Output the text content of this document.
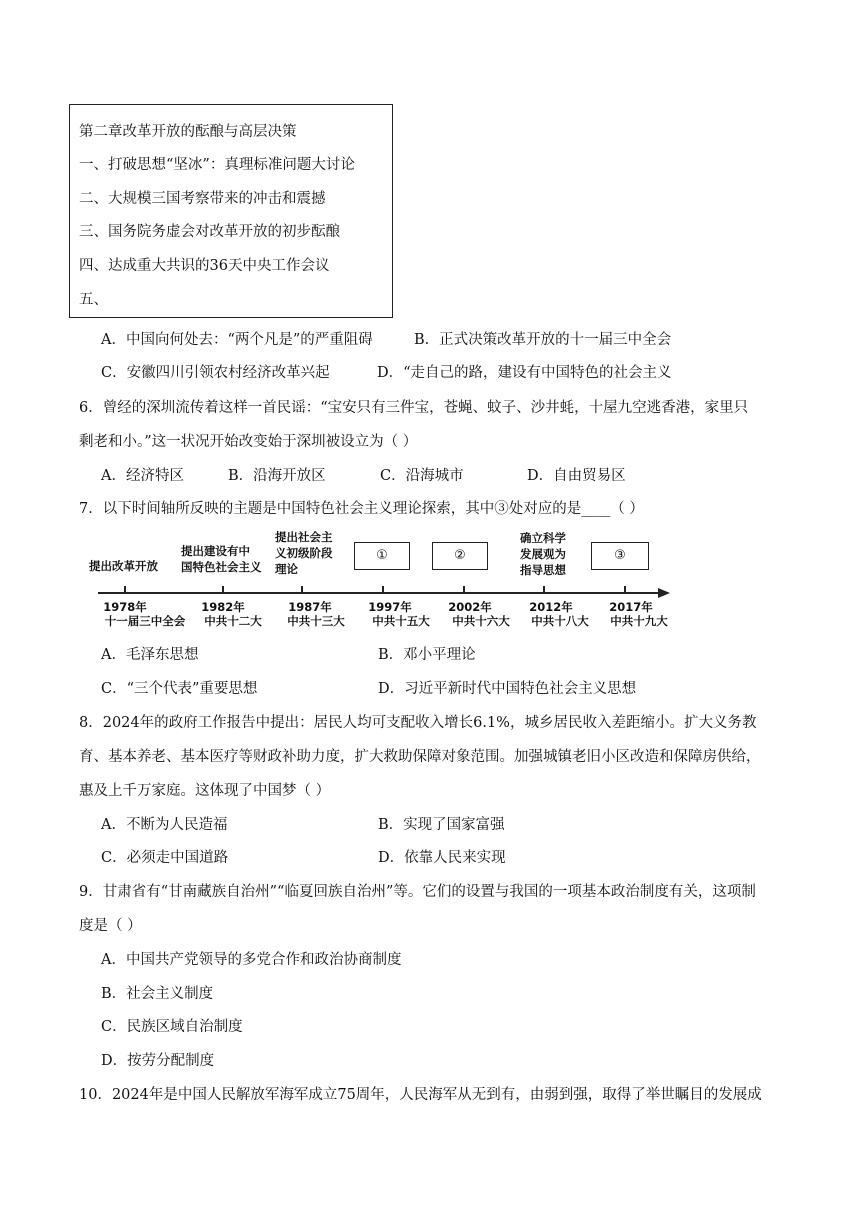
第二章改革开放的酝酿与高层决策
一、打破思想“坚冰”：真理标准问题大讨论
二、大规模三国考察带来的冲击和震撼
三、国务院务虚会对改革开放的初步酝酿
四、达成重大共识的36天中央工作会议
五、
A．中国向何处去：“两个凡是”的严重阻碍	B．正式决策改革开放的十一届三中全会
C．安徽四川引领农村经济改革兴起	D．“走自己的路，建设有中国特色的社会主义
6．曾经的深圳流传着这样一首民谣：“宝安只有三件宝，苍蝇、蚊子、沙井蚝，十屋九空逃香港，家里只
剩老和小。”这一状况开始改变始于深圳被设立为（ ）
A．经济特区	B．沿海开放区	C．沿海城市	D．自由贸易区
7．以下时间轴所反映的主题是中国特色社会主义理论探索，其中③处对应的是____（ ）
提出改革开放
提出建设有中
国特色社会主义
提出社会主
义初级阶段
理论
①	②
确立科学
发展观为
指导思想
③
1978年
十一届三中全会
1982年
中共十二大
1987年
中共十三大
1997年
中共十五大
2002年
中共十六大
2012年
中共十八大
2017年
中共十九大
A．毛泽东思想	B．邓小平理论
C．“三个代表”重要思想	D．习近平新时代中国特色社会主义思想
8．2024年的政府工作报告中提出：居民人均可支配收入增长6.1%，城乡居民收入差距缩小。扩大义务教
育、基本养老、基本医疗等财政补助力度，扩大救助保障对象范围。加强城镇老旧小区改造和保障房供给，
惠及上千万家庭。这体现了中国梦（ ）
A．不断为人民造福	B．实现了国家富强
C．必须走中国道路	D．依靠人民来实现
9．甘肃省有“甘南藏族自治州”“临夏回族自治州”等。它们的设置与我国的一项基本政治制度有关，这项制
度是（ ）
A．中国共产党领导的多党合作和政治协商制度
B．社会主义制度
C．民族区域自治制度
D．按劳分配制度
10．2024年是中国人民解放军海军成立75周年，人民海军从无到有，由弱到强，取得了举世瞩目的发展成
